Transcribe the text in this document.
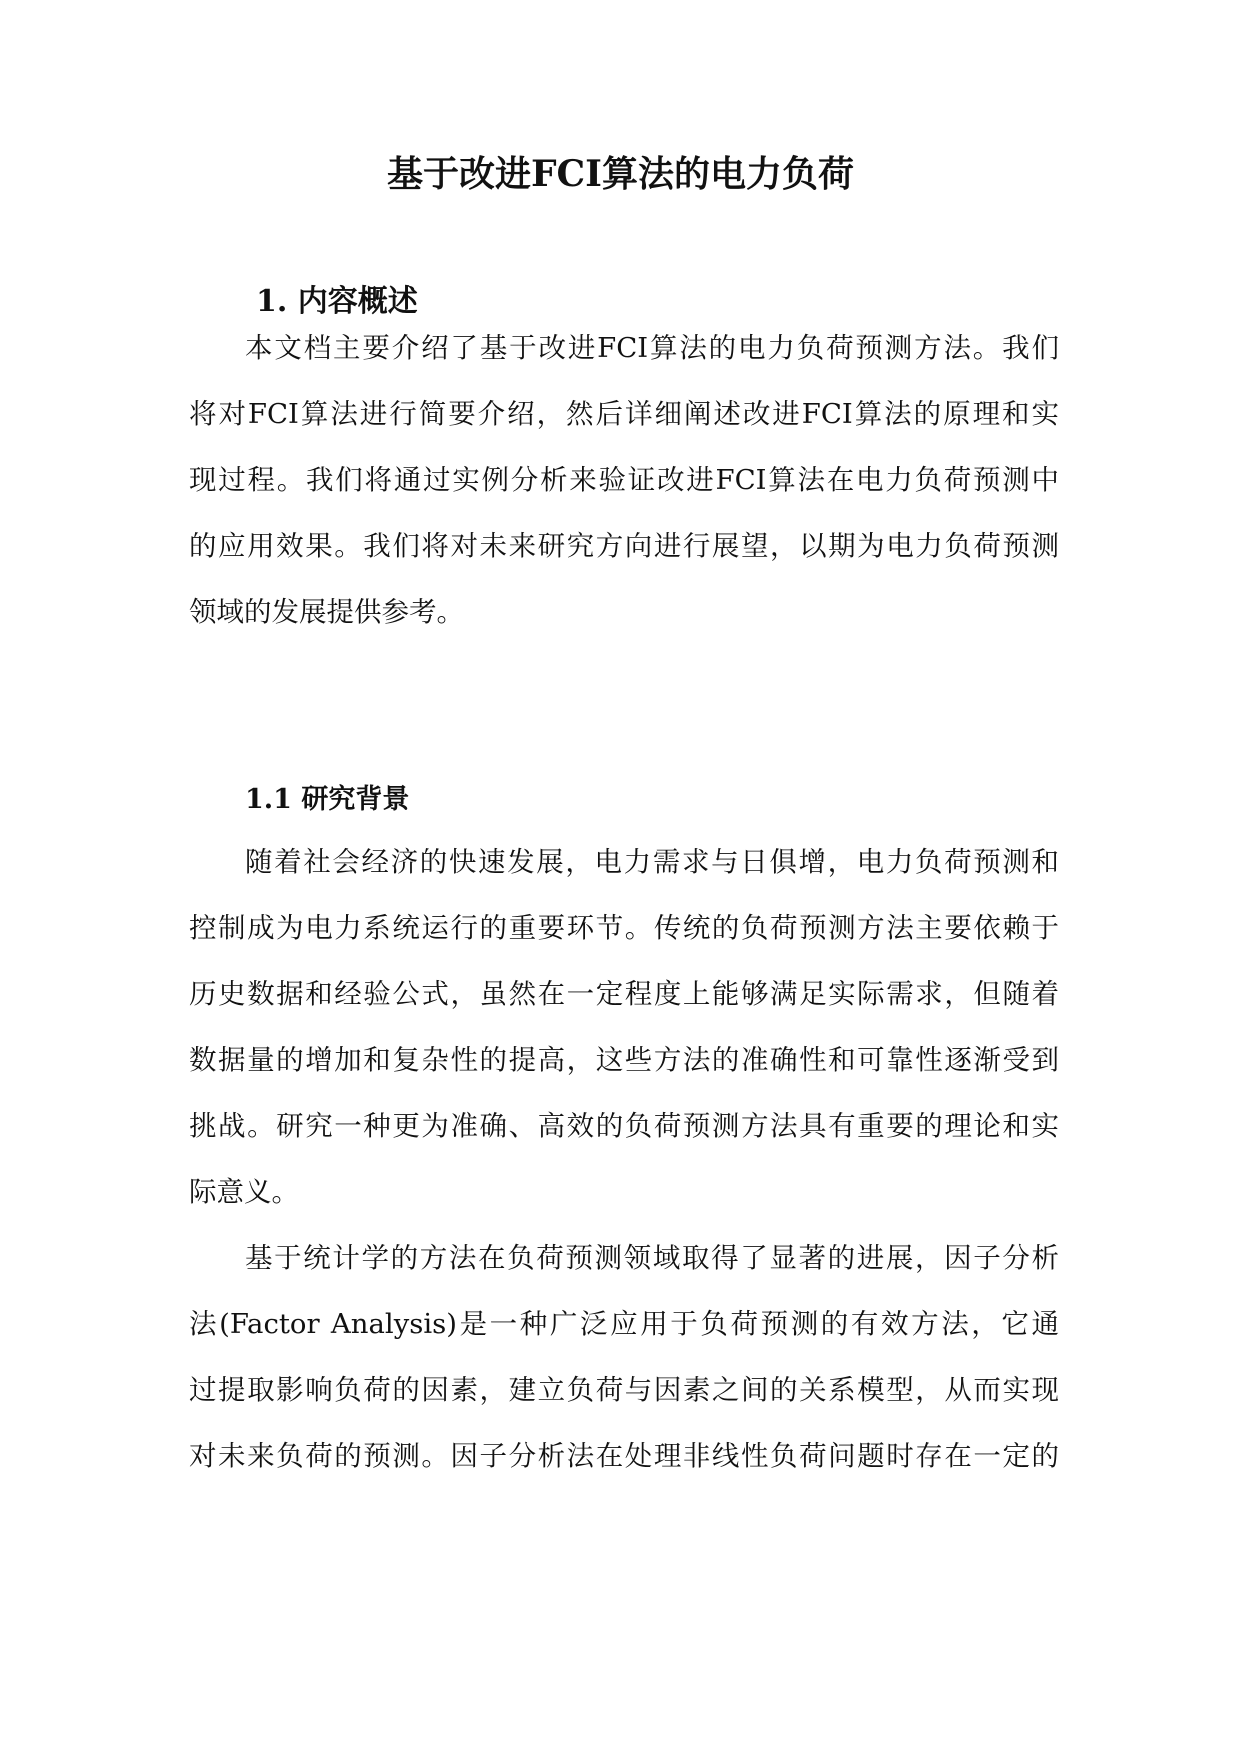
基于改进FCI算法的电力负荷
1. 内容概述
本文档主要介绍了基于改进FCI算法的电力负荷预测方法。我们
将对FCI算法进行简要介绍，然后详细阐述改进FCI算法的原理和实
现过程。我们将通过实例分析来验证改进FCI算法在电力负荷预测中
的应用效果。我们将对未来研究方向进行展望，以期为电力负荷预测
领域的发展提供参考。
1.1 研究背景
随着社会经济的快速发展，电力需求与日俱增，电力负荷预测和
控制成为电力系统运行的重要环节。传统的负荷预测方法主要依赖于
历史数据和经验公式，虽然在一定程度上能够满足实际需求，但随着
数据量的增加和复杂性的提高，这些方法的准确性和可靠性逐渐受到
挑战。研究一种更为准确、高效的负荷预测方法具有重要的理论和实
际意义。
基于统计学的方法在负荷预测领域取得了显著的进展，因子分析
法(Factor Analysis)是一种广泛应用于负荷预测的有效方法，它通
过提取影响负荷的因素，建立负荷与因素之间的关系模型，从而实现
对未来负荷的预测。因子分析法在处理非线性负荷问题时存在一定的
